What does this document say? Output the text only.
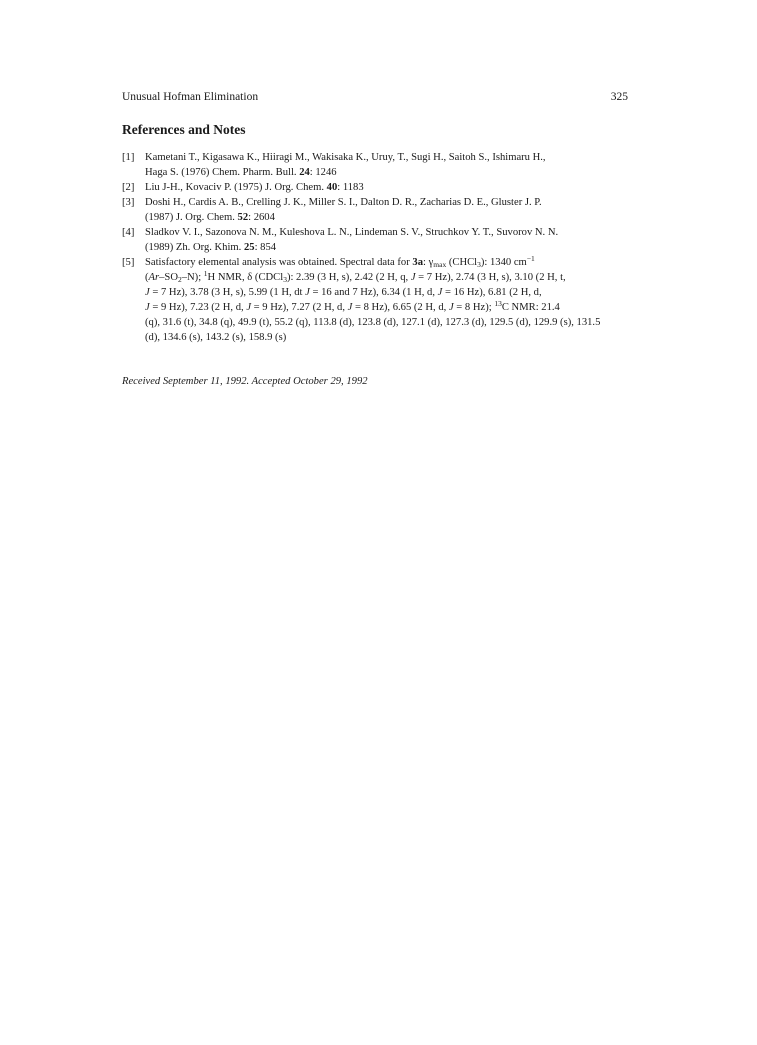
Unusual Hofman Elimination	325
References and Notes
[1]	Kametani T., Kigasawa K., Hiiragi M., Wakisaka K., Uruy, T., Sugi H., Saitoh S., Ishimaru H.,
Haga S. (1976) Chem. Pharm. Bull. 24: 1246
[2]	Liu J-H., Kovaciv P. (1975) J. Org. Chem. 40: 1183
[3]	Doshi H., Cardis A. B., Crelling J. K., Miller S. I., Dalton D. R., Zacharias D. E., Gluster J. P.
(1987) J. Org. Chem. 52: 2604
[4]	Sladkov V. I., Sazonova N. M., Kuleshova L. N., Lindeman S. V., Struchkov Y. T., Suvorov N. N.
(1989) Zh. Org. Khim. 25: 854
[5]	Satisfactory elemental analysis was obtained. Spectral data for 3a: $\gamma_{max}$ (CHCl$_3$): 1340 $cm^{-1}$
$(Ar-SO_2-N)$; $^1$H NMR, δ (CDCl$_3$): 2.39 (3 H, s), 2.42 (2 H, q, J = 7 Hz), 2.74 (3 H, s), 3.10 (2 H, t,
J = 7 Hz), 3.78 (3 H, s), 5.99 (1 H, dt J = 16 and 7 Hz), 6.34 (1 H, d, J = 16 Hz), 6.81 (2 H, d,
J = 9 Hz), 7.23 (2 H, d, J = 9 Hz), 7.27 (2 H, d, J = 8 Hz), 6.65 (2 H, d, J = 8 Hz); $^{13}$C NMR: 21.4
(q), 31.6 (t), 34.8 (q), 49.9 (t), 55.2 (q), 113.8 (d), 123.8 (d), 127.1 (d), 127.3 (d), 129.5 (d), 129.9 (s), 131.5
(d), 134.6 (s), 143.2 (s), 158.9 (s)
Received September 11, 1992. Accepted October 29, 1992
